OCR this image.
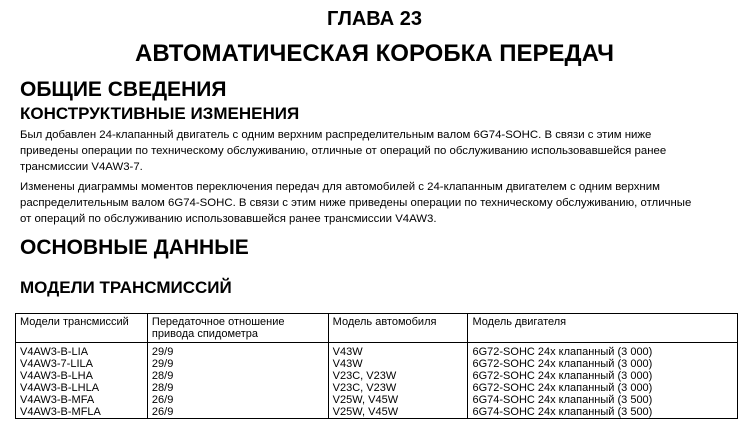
ГЛАВА 23
АВТОМАТИЧЕСКАЯ КОРОБКА ПЕРЕДАЧ
ОБЩИЕ СВЕДЕНИЯ
КОНСТРУКТИВНЫЕ ИЗМЕНЕНИЯ
Был добавлен 24-клапанный двигатель с одним верхним распределительным валом 6G74-SOHC. В связи с этим ниже
приведены операции по техническому обслуживанию, отличные от операций по обслуживанию использовавшейся ранее
трансмиссии V4AW3-7.
Изменены диаграммы моментов переключения передач для автомобилей с 24-клапанным двигателем с одним верхним
распределительным валом 6G74-SOHC. В связи с этим ниже приведены операции по техническому обслуживанию, отличные
от операций по обслуживанию использовавшейся ранее трансмиссии V4AW3.
ОСНОВНЫЕ ДАННЫЕ
МОДЕЛИ ТРАНСМИССИЙ
Модели трансмиссий	Передаточное отношение
привода спидометра	Модель автомобиля	Модель двигателя
V4AW3-B-LIA	29/9	V43W	6G72-SOHC 24х клапанный (3 000)
V4AW3-7-LILA	29/9	V43W	6G72-SOHC 24х клапанный (3 000)
V4AW3-B-LHA	28/9	V23C, V23W	6G72-SOHC 24х клапанный (3 000)
V4AW3-B-LHLA	28/9	V23C, V23W	6G72-SOHC 24х клапанный (3 000)
V4AW3-B-MFA	26/9	V25W, V45W	6G74-SOHC 24х клапанный (3 500)
V4AW3-B-MFLA	26/9	V25W, V45W	6G74-SOHC 24х клапанный (3 500)
